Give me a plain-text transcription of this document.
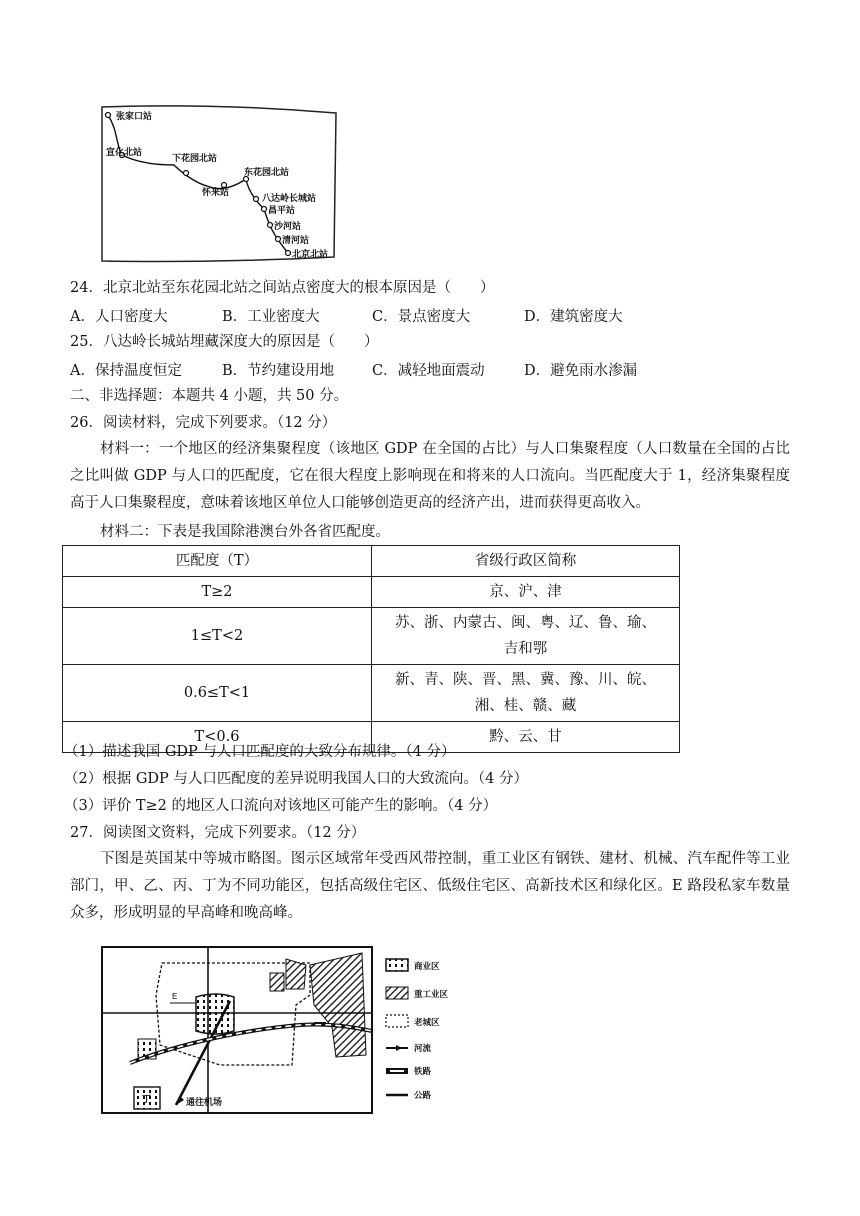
张家口站
宣化北站
下花园北站
怀来站
东花园北站
八达岭长城站
昌平站
沙河站
清河站
北京北站
24．北京北站至东花园北站之间站点密度大的根本原因是（　　）
A．人口密度大	B．工业密度大	C．景点密度大	D．建筑密度大
25．八达岭长城站埋藏深度大的原因是（　　）
A．保持温度恒定	B．节约建设用地	C．减轻地面震动	D．避免雨水渗漏
二、非选择题：本题共 4 小题，共 50 分。
26．阅读材料，完成下列要求。（12 分）
材料一：一个地区的经济集聚程度（该地区 GDP 在全国的占比）与人口集聚程度（人口数量在全国的占比之比叫做 GDP 与人口的匹配度，它在很大程度上影响现在和将来的人口流向。当匹配度大于 1，经济集聚程度高于人口集聚程度，意味着该地区单位人口能够创造更高的经济产出，进而获得更高收入。
材料二：下表是我国除港澳台外各省匹配度。
匹配度（T）	省级行政区简称
T≥2	京、沪、津
1≤T<2	苏、浙、内蒙古、闽、粤、辽、鲁、瑜、吉和鄂
0.6≤T<1	新、青、陕、晋、黑、冀、豫、川、皖、湘、桂、赣、藏
T<0.6	黔、云、甘
（1）描述我国 GDP 与人口匹配度的大致分布规律。（4 分）
（2）根据 GDP 与人口匹配度的差异说明我国人口的大致流向。（4 分）
（3）评价 T≥2 的地区人口流向对该地区可能产生的影响。（4 分）
27．阅读图文资料，完成下列要求。（12 分）
下图是英国某中等城市略图。图示区域常年受西风带控制，重工业区有钢铁、建材、机械、汽车配件等工业部门，甲、乙、丙、丁为不同功能区，包括高级住宅区、低级住宅区、高新技术区和绿化区。E 路段私家车数量众多，形成明显的早高峰和晚高峰。
E
丁	通往机场
商业区
重工业区
老城区
河流
铁路
公路
